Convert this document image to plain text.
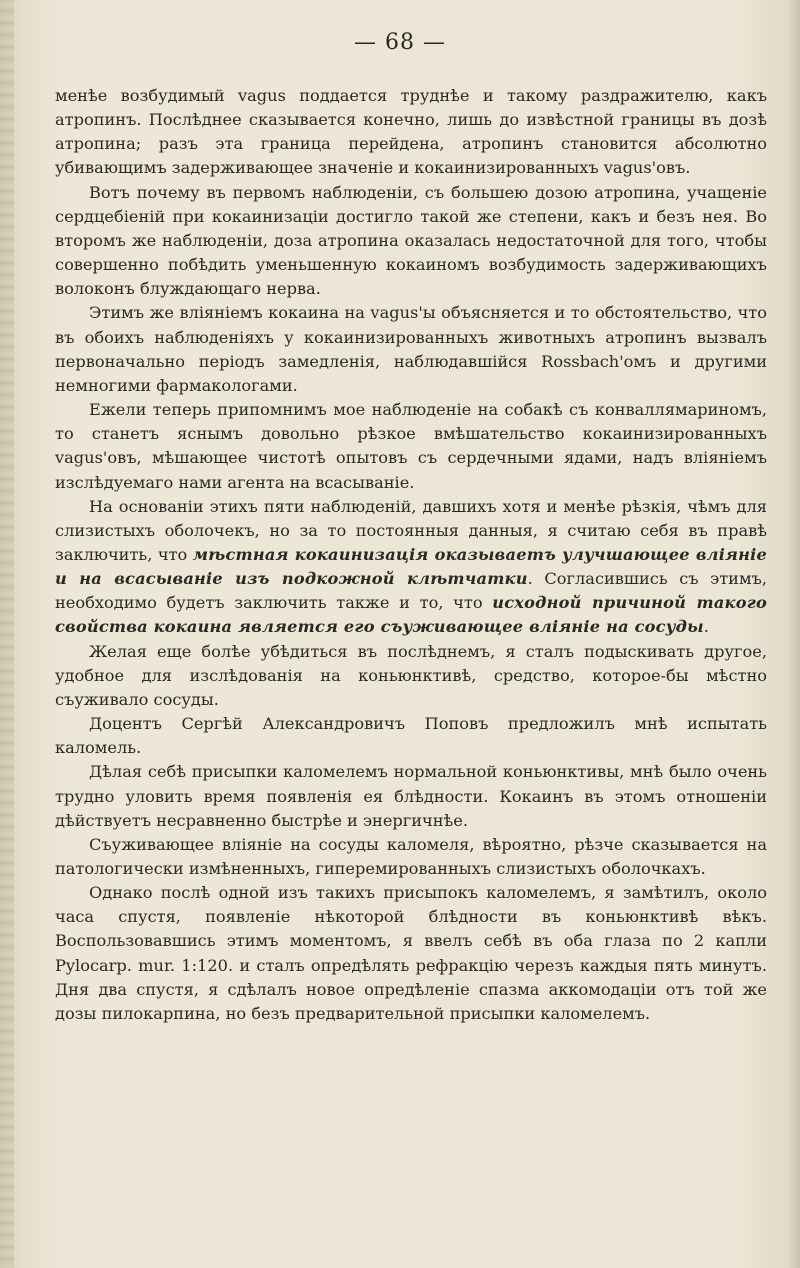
— 68 —

менѣе возбудимый vagus поддается труднѣе и такому раздражителю, какъ атропинъ. Послѣднее сказывается конечно, лишь до извѣстной границы въ дозѣ атропина; разъ эта граница перейдена, атропинъ становится абсолютно убивающимъ задерживающее значеніе и кокаинизированныхъ vagus'овъ.

Вотъ почему въ первомъ наблюденіи, съ большею дозою атропина, учащеніе сердцебіеній при кокаинизаціи достигло такой же степени, какъ и безъ нея. Во второмъ же наблюденіи, доза атропина оказалась недостаточной для того, чтобы совершенно побѣдить уменьшенную кокаиномъ возбудимость задерживающихъ волоконъ блуждающаго нерва.

Этимъ же вліяніемъ кокаина на vagus'ы объясняется и то обстоятельство, что въ обоихъ наблюденіяхъ у кокаинизированныхъ животныхъ атропинъ вызвалъ первоначально періодъ замедленія, наблюдавшійся Rossbach'омъ и другими немногими фармакологами.

Ежели теперь припомнимъ мое наблюденіе на собакѣ съ конваллямариномъ, то станетъ яснымъ довольно рѣзкое вмѣшательство кокаинизированныхъ vagus'овъ, мѣшающее чистотѣ опытовъ съ сердечными ядами, надъ вліяніемъ изслѣдуемаго нами агента на всасываніе.

На основаніи этихъ пяти наблюденій, давшихъ хотя и менѣе рѣзкія, чѣмъ для слизистыхъ оболочекъ, но за то постоянныя данныя, я считаю себя въ правѣ заключить, что мѣстная кокаинизація оказываетъ улучшающее вліяніе и на всасываніе изъ подкожной клѣтчатки. Согласившись съ этимъ, необходимо будетъ заключить также и то, что исходной причиной такого свойства кокаина является его съуживающее вліяніе на сосуды.

Желая еще болѣе убѣдиться въ послѣднемъ, я сталъ подыскивать другое, удобное для изслѣдованія на коньюнктивѣ, средство, которое-бы мѣстно съуживало сосуды.

Доцентъ Сергѣй Александровичъ Поповъ предложилъ мнѣ испытать каломель.

Дѣлая себѣ присыпки каломелемъ нормальной коньюнктивы, мнѣ было очень трудно уловить время появленія ея блѣдности. Кокаинъ въ этомъ отношеніи дѣйствуетъ несравненно быстрѣе и энергичнѣе.

Съуживающее вліяніе на сосуды каломеля, вѣроятно, рѣзче сказывается на патологически измѣненныхъ, гиперемированныхъ слизистыхъ оболочкахъ.

Однако послѣ одной изъ такихъ присыпокъ каломелемъ, я замѣтилъ, около часа спустя, появленіе нѣкоторой блѣдности въ коньюнктивѣ вѣкъ. Воспользовавшись этимъ моментомъ, я ввелъ себѣ въ оба глаза по 2 капли Pylocarp. mur. 1:120. и сталъ опредѣлять рефракцію черезъ каждыя пять минутъ. Дня два спустя, я сдѣлалъ новое опредѣленіе спазма аккомодаціи отъ той же дозы пилокарпина, но безъ предварительной присыпки каломелемъ.
